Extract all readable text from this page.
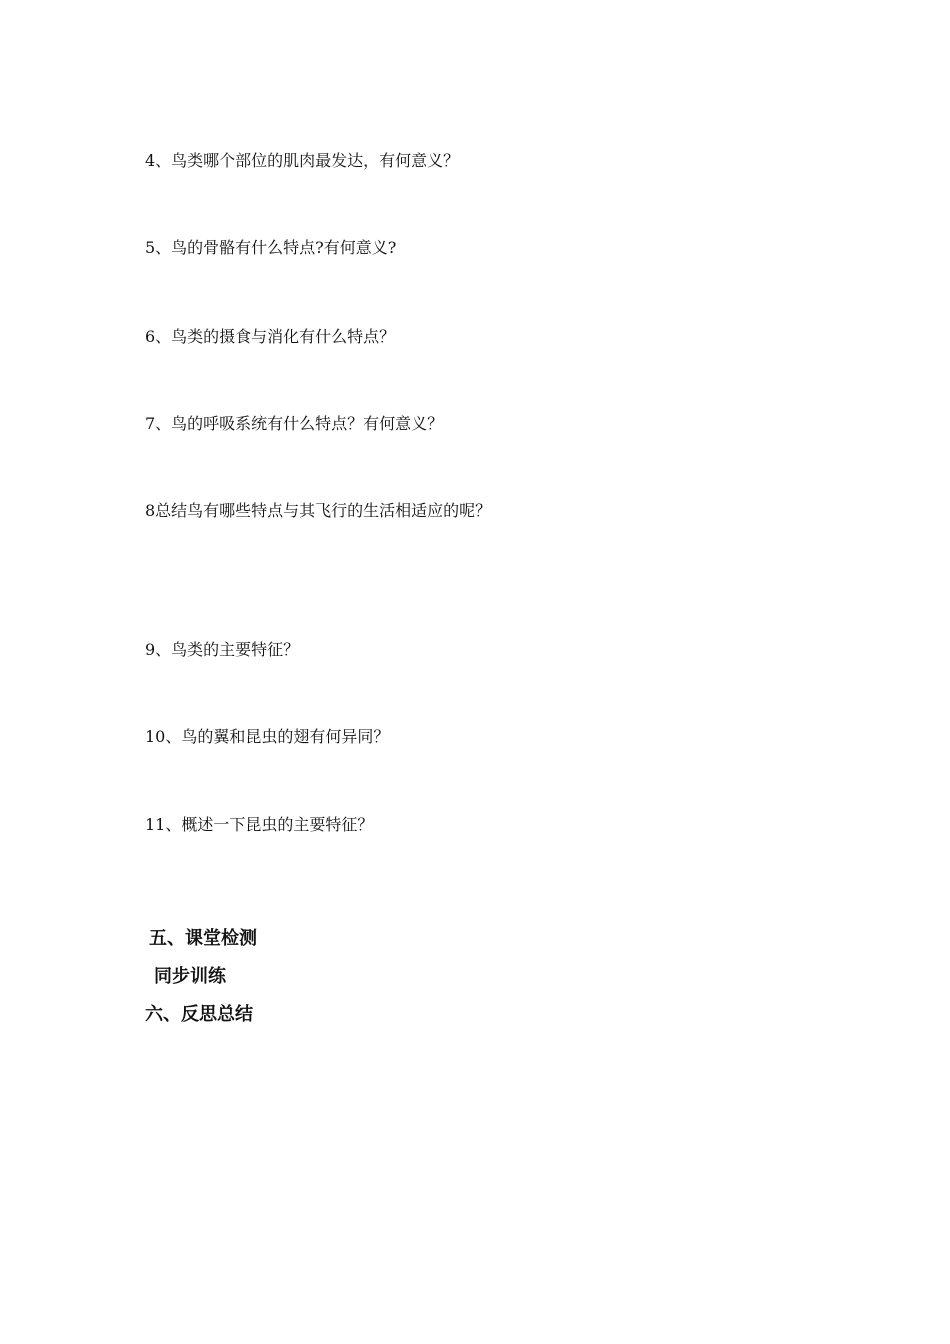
4、鸟类哪个部位的肌肉最发达，有何意义？

5、鸟的骨骼有什么特点?有何意义?

6、鸟类的摄食与消化有什么特点？

7、鸟的呼吸系统有什么特点？有何意义？

8总结鸟有哪些特点与其飞行的生活相适应的呢？

9、鸟类的主要特征？

10、鸟的翼和昆虫的翅有何异同？

11、概述一下昆虫的主要特征？

五、课堂检测
同步训练
六、反思总结
